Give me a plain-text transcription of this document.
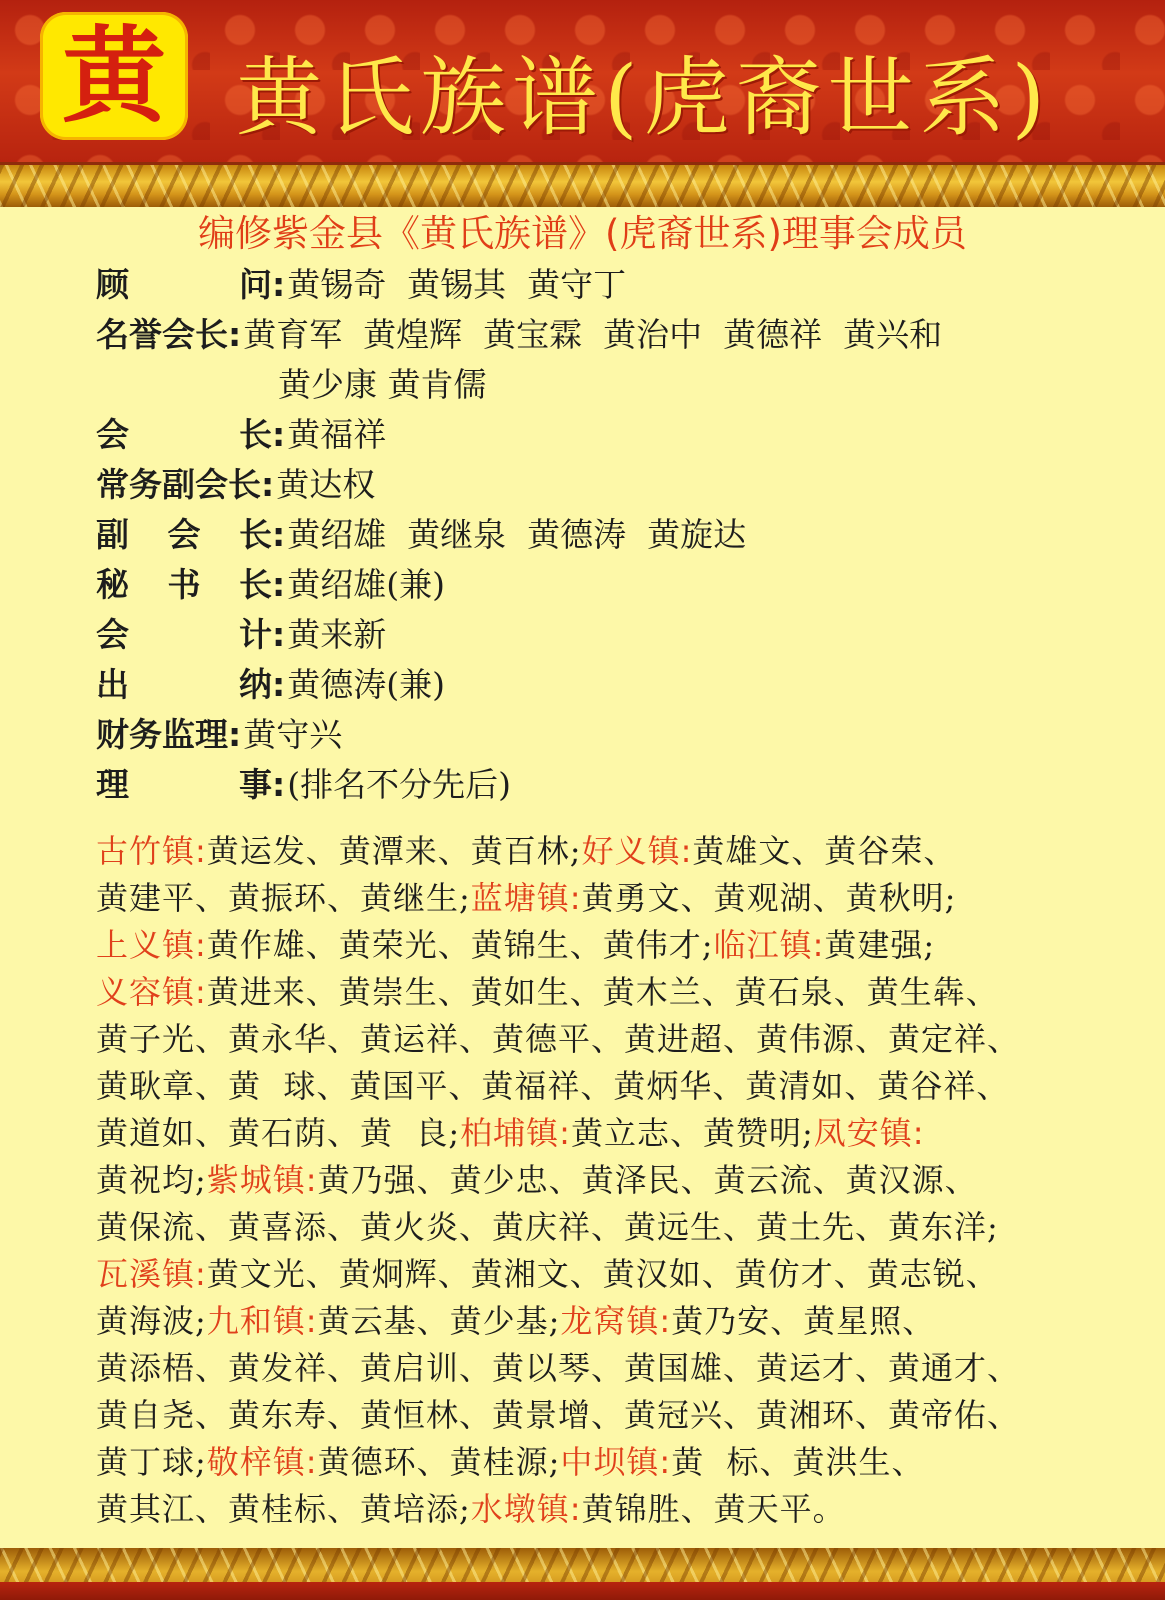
黄 黄氏族谱(虎裔世系)
编修紫金县《黄氏族谱》(虎裔世系)理事会成员
顾 问:黄锡奇  黄锡其  黄守丁
名誉会长:黄育军  黄煌辉  黄宝霖  黄治中  黄德祥  黄兴和
黄少康 黄肯儒
会 长:黄福祥
常务副会长:黄达权
副 会 长:黄绍雄  黄继泉  黄德涛  黄旋达
秘 书 长:黄绍雄(兼)
会 计:黄来新
出 纳:黄德涛(兼)
财务监理:黄守兴
理 事:(排名不分先后)
古竹镇:黄运发、黄潭来、黄百林;好义镇:黄雄文、黄谷荣、
黄建平、黄振环、黄继生;蓝塘镇:黄勇文、黄观湖、黄秋明;
上义镇:黄作雄、黄荣光、黄锦生、黄伟才;临江镇:黄建强;
义容镇:黄进来、黄崇生、黄如生、黄木兰、黄石泉、黄生犇、
黄子光、黄永华、黄运祥、黄德平、黄进超、黄伟源、黄定祥、
黄耿章、黄  球、黄国平、黄福祥、黄炳华、黄清如、黄谷祥、
黄道如、黄石荫、黄  良;柏埔镇:黄立志、黄赞明;凤安镇:
黄祝均;紫城镇:黄乃强、黄少忠、黄泽民、黄云流、黄汉源、
黄保流、黄喜添、黄火炎、黄庆祥、黄远生、黄土先、黄东洋;
瓦溪镇:黄文光、黄炯辉、黄湘文、黄汉如、黄仿才、黄志锐、
黄海波;九和镇:黄云基、黄少基;龙窝镇:黄乃安、黄星照、
黄添梧、黄发祥、黄启训、黄以琴、黄国雄、黄运才、黄通才、
黄自尧、黄东寿、黄恒林、黄景增、黄冠兴、黄湘环、黄帝佑、
黄丁球;敬梓镇:黄德环、黄桂源;中坝镇:黄  标、黄洪生、
黄其江、黄桂标、黄培添;水墩镇:黄锦胜、黄天平。
